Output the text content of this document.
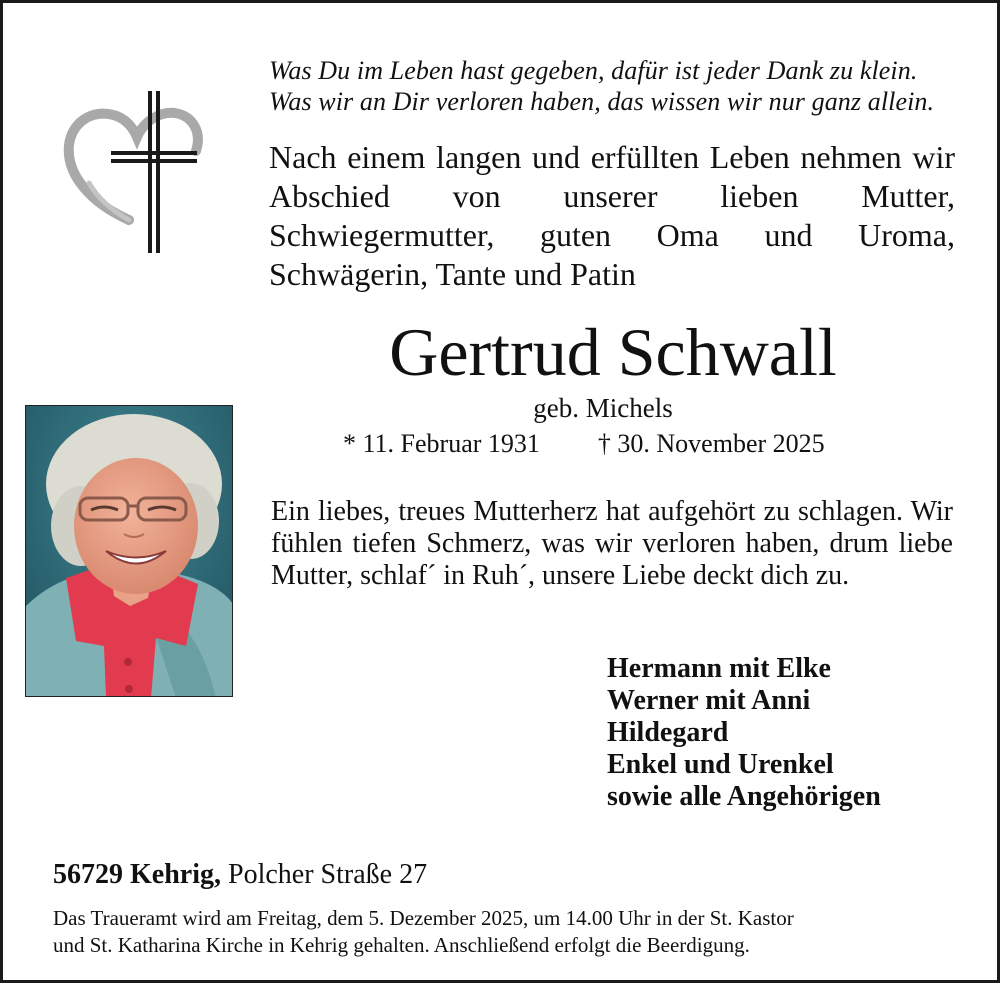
Was Du im Leben hast gegeben, dafür ist jeder Dank zu klein.
Was wir an Dir verloren haben, das wissen wir nur ganz allein.
Nach einem langen und erfüllten Leben nehmen wir Abschied von unserer lieben Mutter, Schwiegermutter, guten Oma und Uroma, Schwägerin, Tante und Patin
Gertrud Schwall
geb. Michels
* 11. Februar 1931 † 30. November 2025
Ein liebes, treues Mutterherz hat aufgehört zu schlagen. Wir fühlen tiefen Schmerz, was wir verloren haben, drum liebe Mutter, schlaf´ in Ruh´, unsere Liebe deckt dich zu.
Hermann mit Elke
Werner mit Anni
Hildegard
Enkel und Urenkel
sowie alle Angehörigen
56729 Kehrig, Polcher Straße 27
Das Traueramt wird am Freitag, dem 5. Dezember 2025, um 14.00 Uhr in der St. Kastor
und St. Katharina Kirche in Kehrig gehalten. Anschließend erfolgt die Beerdigung.
